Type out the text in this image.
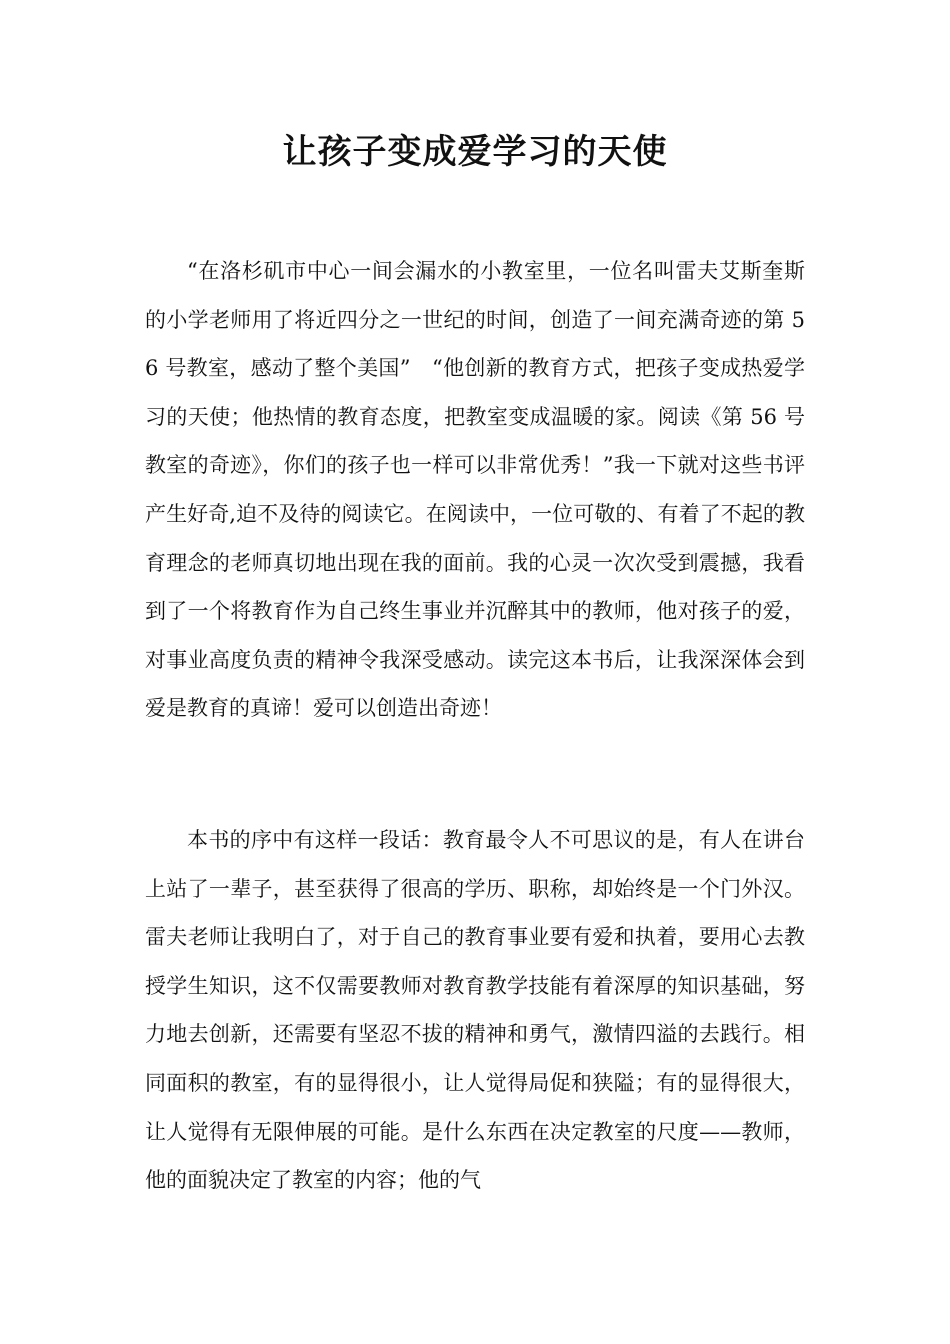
让孩子变成爱学习的天使

“在洛杉矶市中心一间会漏水的小教室里，一位名叫雷夫艾斯奎斯的小学老师用了将近四分之一世纪的时间，创造了一间充满奇迹的第 56 号教室，感动了整个美国”　“他创新的教育方式，把孩子变成热爱学习的天使；他热情的教育态度，把教室变成温暖的家。阅读《第 56 号教室的奇迹》，你们的孩子也一样可以非常优秀！”我一下就对这些书评产生好奇,迫不及待的阅读它。在阅读中，一位可敬的、有着了不起的教育理念的老师真切地出现在我的面前。我的心灵一次次受到震撼，我看到了一个将教育作为自己终生事业并沉醉其中的教师，他对孩子的爱，对事业高度负责的精神令我深受感动。读完这本书后，让我深深体会到爱是教育的真谛！爱可以创造出奇迹！

本书的序中有这样一段话：教育最令人不可思议的是，有人在讲台上站了一辈子，甚至获得了很高的学历、职称，却始终是一个门外汉。雷夫老师让我明白了，对于自己的教育事业要有爱和执着，要用心去教授学生知识，这不仅需要教师对教育教学技能有着深厚的知识基础，努力地去创新，还需要有坚忍不拔的精神和勇气，激情四溢的去践行。相同面积的教室，有的显得很小，让人觉得局促和狭隘；有的显得很大，让人觉得有无限伸展的可能。是什么东西在决定教室的尺度——教师，他的面貌决定了教室的内容；他的气
